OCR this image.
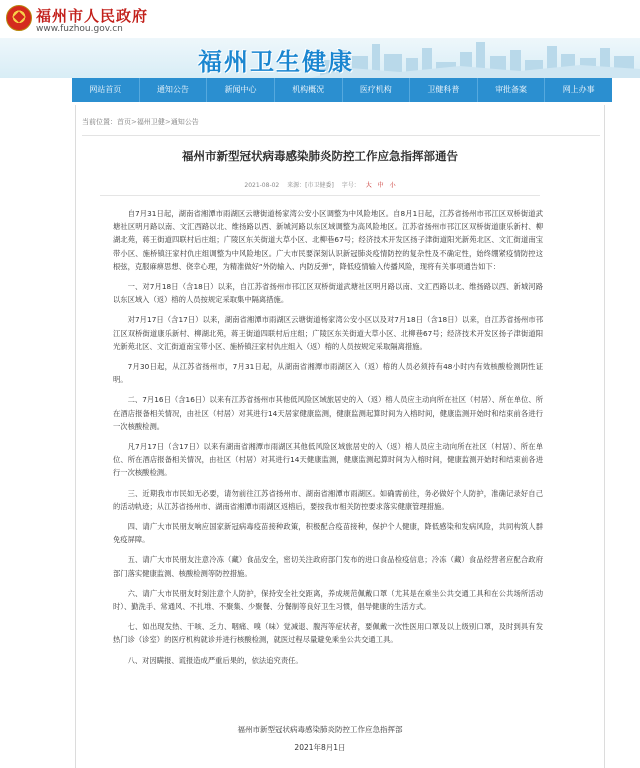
福州市人民政府
www.fuzhou.gov.cn
福州卫生健康
网站首页	通知公告	新闻中心	机构概况	医疗机构	卫健科普	审批备案	网上办事
当前位置：首页>福州卫健>通知公告
福州市新型冠状病毒感染肺炎防控工作应急指挥部通告
2021-08-02 来源：[市卫健委] 字号： 大 中 小

自7月31日起，湖南省湘潭市雨湖区云塘街道杨家湾公安小区调整为中风险地区。自8月1日起，江苏省扬州市邗江区双桥街道武塘社区明月路以南、文汇西路以北、维扬路以西、新城河路以东区域调整为高风险地区。江苏省扬州市邗江区双桥街道康乐新村、柳湖北苑，蒋王街道四联村后庄组；广陵区东关街道大草小区、北柳巷67号；经济技术开发区扬子津街道阳光新苑北区、文汇街道南宝带小区、施桥镇汪家村仇庄组调整为中风险地区。广大市民要深刻认识新冠肺炎疫情防控的复杂性及不确定性，始终绷紧疫情防控这根弦，克服麻痹思想、侥幸心理，为精准做好“外防输入、内防反弹”，降低疫情输入传播风险，现将有关事项通告如下：

一、对7月18日（含18日）以来，自江苏省扬州市邗江区双桥街道武塘社区明月路以南、文汇西路以北、维扬路以西、新城河路以东区域入（返）榕的人员按规定采取集中隔离措施。

对7月17日（含17日）以来，湖南省湘潭市雨湖区云塘街道杨家湾公安小区以及对7月18日（含18日）以来，自江苏省扬州市邗江区双桥街道康乐新村、柳湖北苑，蒋王街道四联村后庄组；广陵区东关街道大草小区、北柳巷67号；经济技术开发区扬子津街道阳光新苑北区、文汇街道南宝带小区、施桥镇汪家村仇庄组入（返）榕的人员按规定采取隔离措施。

7月30日起，从江苏省扬州市，7月31日起，从湖南省湘潭市雨湖区入（返）榕的人员必须持有48小时内有效核酸检测阴性证明。

二、7月16日（含16日）以来有江苏省扬州市其他低风险区域旅居史的入（返）榕人员应主动向所在社区（村居）、所在单位、所在酒店报备相关情况，由社区（村居）对其进行14天居家健康监测，健康监测起算时间为入榕时间，健康监测开始时和结束前各进行一次核酸检测。

凡7月17日（含17日）以来有湖南省湘潭市雨湖区其他低风险区域旅居史的入（返）榕人员应主动向所在社区（村居）、所在单位、所在酒店报备相关情况，由社区（村居）对其进行14天健康监测，健康监测起算时间为入榕时间，健康监测开始时和结束前各进行一次核酸检测。

三、近期我市市民如无必要，请勿前往江苏省扬州市、湖南省湘潭市雨湖区。如确需前往，务必做好个人防护，准确记录好自己的活动轨迹；从江苏省扬州市、湖南省湘潭市雨湖区返榕后，要按我市相关防控要求落实健康管理措施。

四、请广大市民朋友响应国家新冠病毒疫苗接种政策，积极配合疫苗接种，保护个人健康，降低感染和发病风险，共同构筑人群免疫屏障。

五、请广大市民朋友注意冷冻（藏）食品安全，密切关注政府部门发布的进口食品检疫信息；冷冻（藏）食品经营者应配合政府部门落实健康监测、核酸检测等防控措施。

六、请广大市民朋友时刻注意个人防护，保持安全社交距离，养成规范佩戴口罩（尤其是在乘坐公共交通工具和在公共场所活动时）、勤洗手、常通风、不扎堆、不聚集、少聚餐、分餐制等良好卫生习惯，倡导健康的生活方式。

七、如出现发热、干咳、乏力、咽痛、嗅（味）觉减退、腹泻等症状者，要佩戴一次性医用口罩及以上级别口罩，及时到具有发热门诊（诊室）的医疗机构就诊并进行核酸检测，就医过程尽量避免乘坐公共交通工具。

八、对因瞒报、谎报造成严重后果的，依法追究责任。

福州市新型冠状病毒感染肺炎防控工作应急指挥部
2021年8月1日
